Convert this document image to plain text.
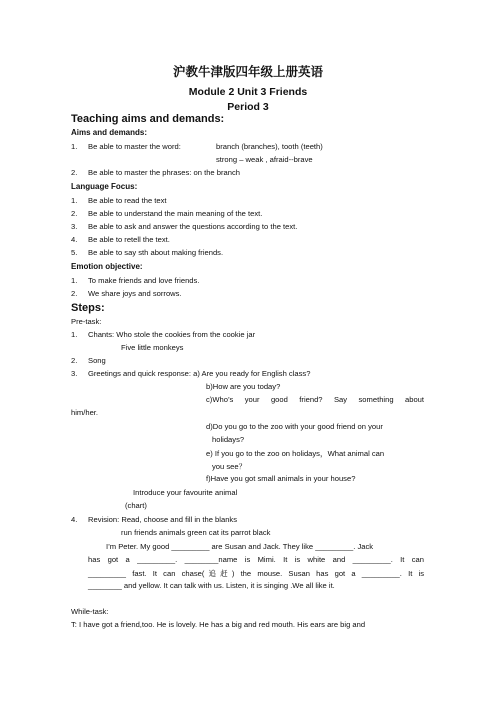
沪教牛津版四年级上册英语
Module 2 Unit 3 Friends
Period 3
Teaching aims and demands:
Aims and demands:
1. Be able to master the word:	branch (branches), tooth (teeth)
strong – weak , afraid--brave
2. Be able to master the phrases: on the branch
Language Focus:
1. Be able to read the text
2. Be able to understand the main meaning of the text.
3. Be able to ask and answer the questions according to the text.
4. Be able to retell the text.
5. Be able to say sth about making friends.
Emotion objective:
1. To make friends and love friends.
2. We share joys and sorrows.
Steps:
Pre-task:
1. Chants: Who stole the cookies from the cookie jar
Five little monkeys
2. Song
3. Greetings and quick response: a) Are you ready for English class?
b)How are you today?
c)Who’s your good friend? Say something about
him/her.
d)Do you go to the zoo with your good friend on your
holidays?
e) If you go to the zoo on holidays，What animal can
you see？
f)Have you got small animals in your house?
Introduce your favourite animal
(chart)
4. Revision: Read, choose and fill in the blanks
run friends animals green cat its parrot black
I’m Peter. My good _________ are Susan and Jack. They like _________. Jack
has got a _________. ________name is Mimi. It is white and _________. It can
_________ fast. It can chase(追赶) the mouse. Susan has got a _________. It is
________ and yellow. It can talk with us. Listen, it is singing .We all like it.
While-task:
T: I have got a friend,too. He is lovely. He has a big and red mouth. His ears are big and
